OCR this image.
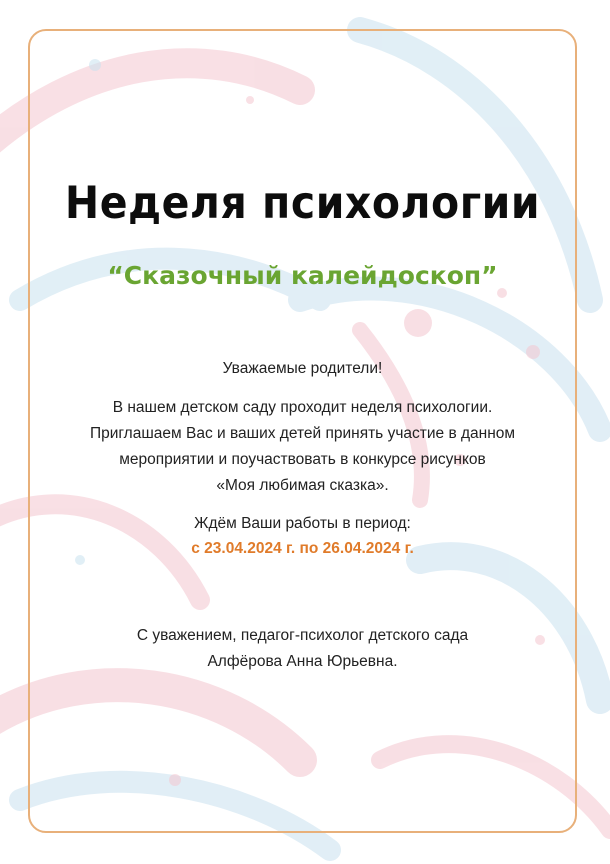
Неделя психологии
“Сказочный калейдоскоп”
Уважаемые родители!
В нашем детском саду проходит неделя психологии.
Приглашаем Вас и ваших детей принять участие в данном
мероприятии и поучаствовать в конкурсе рисунков
«Моя любимая сказка».
Ждём Ваши работы в период:
с 23.04.2024 г. по 26.04.2024 г.
С уважением, педагог-психолог детского сада
Алфёрова Анна Юрьевна.
